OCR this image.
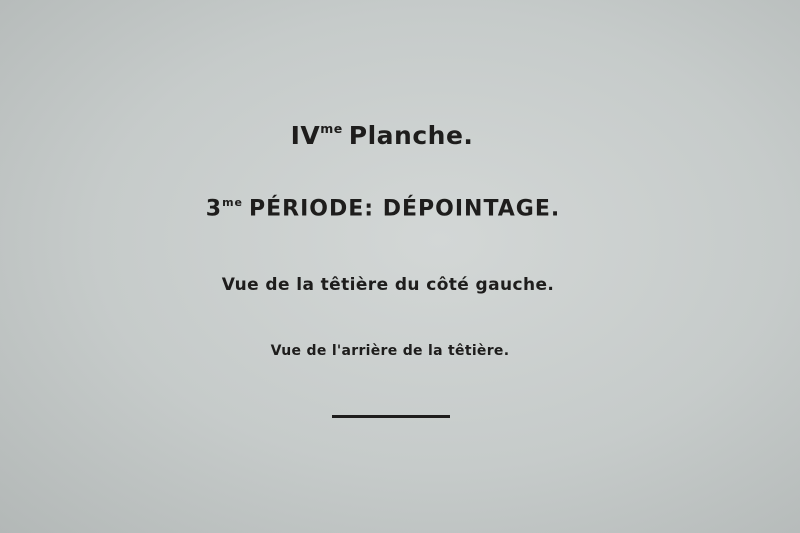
$IV^{me}$ Planche.
$3^{me}$ PÉRIODE: DÉPOINTAGE.
Vue de la têtière du côté gauche.
Vue de l'arrière de la têtière.
